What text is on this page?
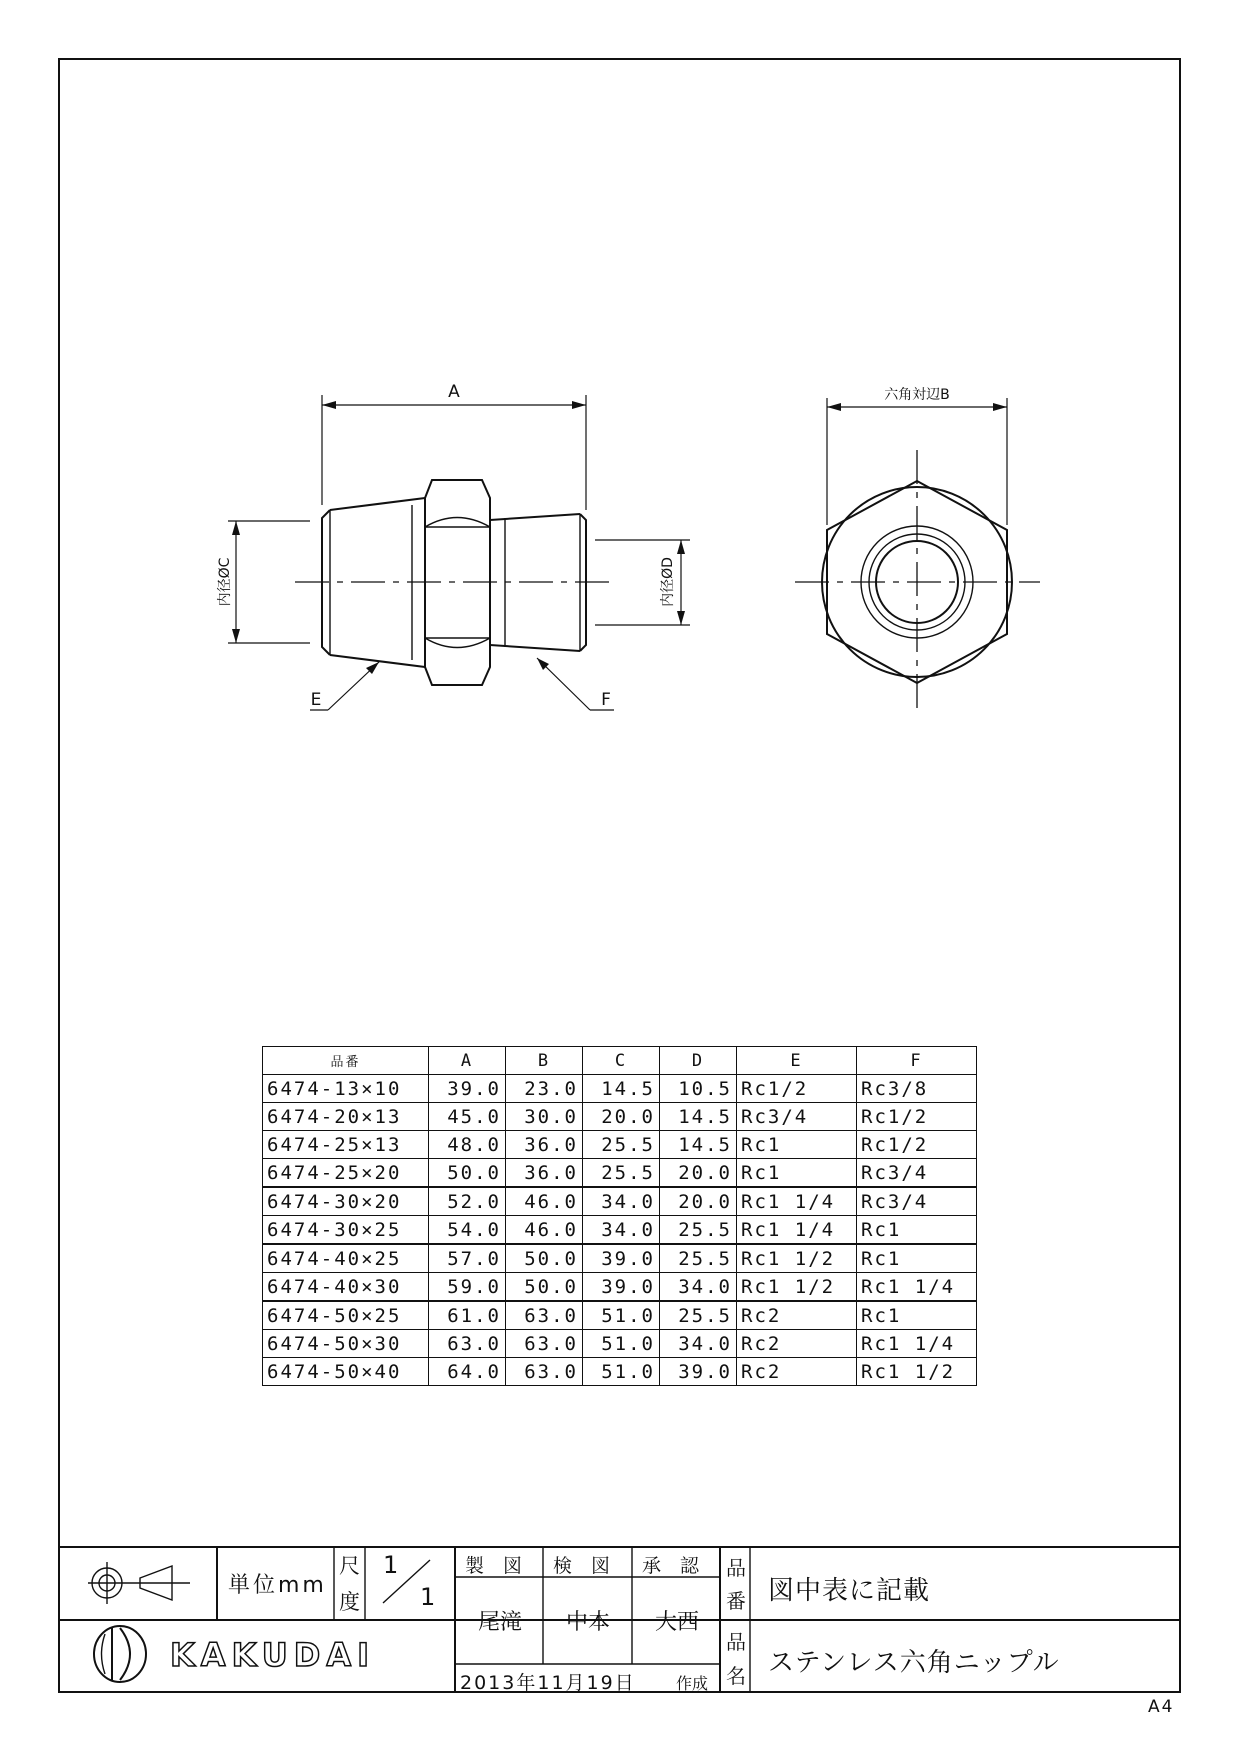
A
内径ØC	内径ØD
E	F
六角対辺B
品番	A	B	C	D	E	F
6474-13×10	39.0	23.0	14.5	10.5	Rc1/2	Rc3/8
6474-20×13	45.0	30.0	20.0	14.5	Rc3/4	Rc1/2
6474-25×13	48.0	36.0	25.5	14.5	Rc1	Rc1/2
6474-25×20	50.0	36.0	25.5	20.0	Rc1	Rc3/4
6474-30×20	52.0	46.0	34.0	20.0	Rc1 1/4	Rc3/4
6474-30×25	54.0	46.0	34.0	25.5	Rc1 1/4	Rc1
6474-40×25	57.0	50.0	39.0	25.5	Rc1 1/2	Rc1
6474-40×30	59.0	50.0	39.0	34.0	Rc1 1/2	Rc1 1/4
6474-50×25	61.0	63.0	51.0	25.5	Rc2	Rc1
6474-50×30	63.0	63.0	51.0	34.0	Rc2	Rc1 1/4
6474-50×40	64.0	63.0	51.0	39.0	Rc2	Rc1 1/2
単位mm
尺
度
1
1
製　図 検　図 承　認
尾滝 中本 大西
2013年11月19日	作成
品
番 図中表に記載
品
名 ステンレス六角ニップル
KAKUDAI
A4
